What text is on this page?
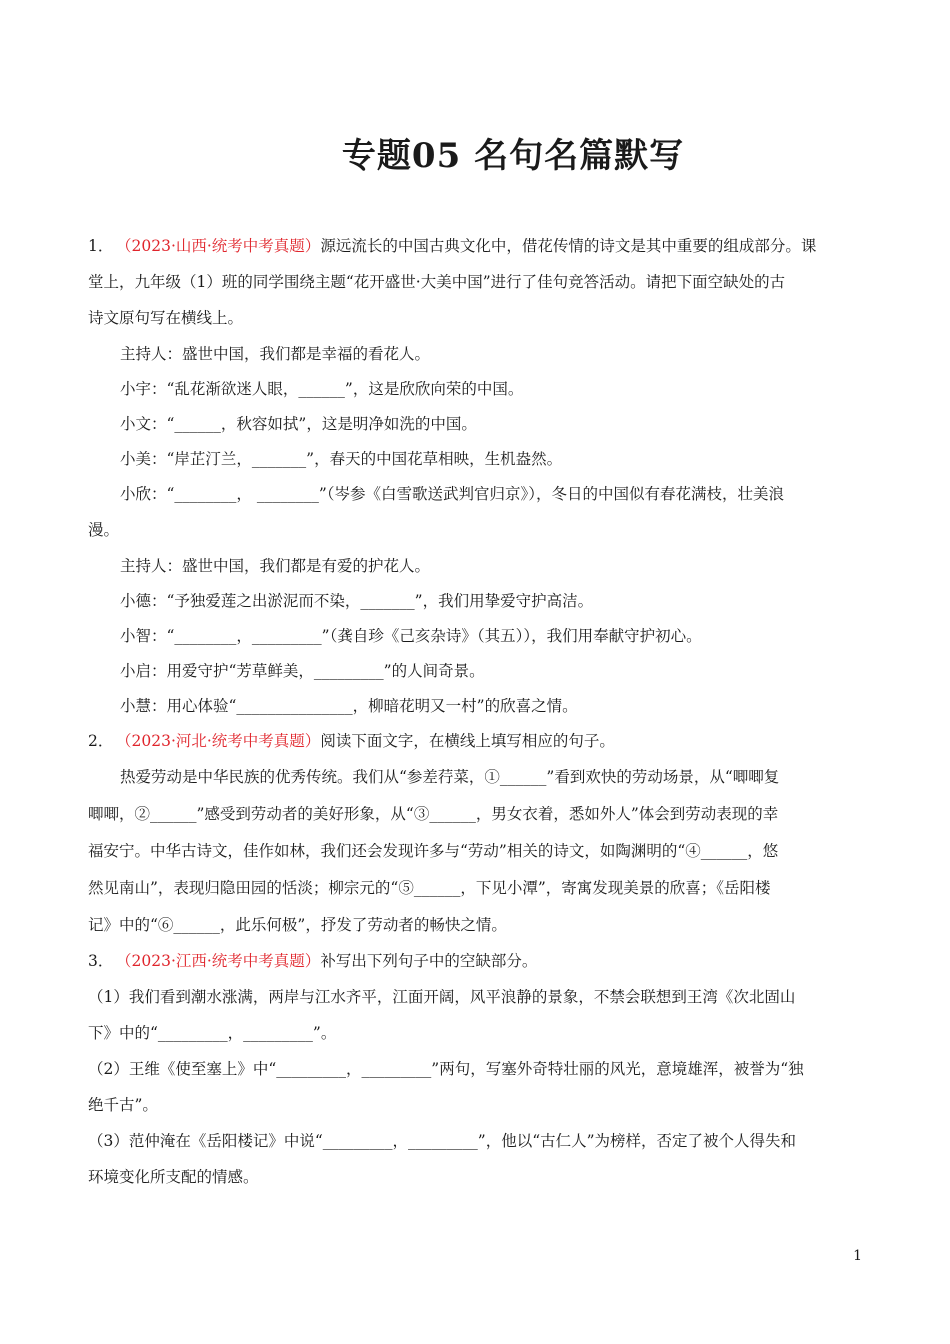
专题05 名句名篇默写
1． （2023·山西·统考中考真题）源远流长的中国古典文化中，借花传情的诗文是其中重要的组成部分。课
堂上，九年级（1）班的同学围绕主题“花开盛世·大美中国”进行了佳句竞答活动。请把下面空缺处的古
诗文原句写在横线上。
主持人：盛世中国，我们都是幸福的看花人。
小宇：“乱花渐欲迷人眼，______”，这是欣欣向荣的中国。
小文：“______，秋容如拭”，这是明净如洗的中国。
小美：“岸芷汀兰，_______”，春天的中国花草相映，生机盎然。
小欣：“________， ________”（岑参《白雪歌送武判官归京》），冬日的中国似有春花满枝，壮美浪
漫。
主持人：盛世中国，我们都是有爱的护花人。
小德：“予独爱莲之出淤泥而不染，_______”，我们用挚爱守护高洁。
小智：“________，_________”（龚自珍《己亥杂诗》（其五）），我们用奉献守护初心。
小启：用爱守护“芳草鲜美，_________”的人间奇景。
小慧：用心体验“_______________，柳暗花明又一村”的欣喜之情。
2． （2023·河北·统考中考真题）阅读下面文字，在横线上填写相应的句子。
热爱劳动是中华民族的优秀传统。我们从“参差荇菜，①______”看到欢快的劳动场景，从“唧唧复
唧唧，②______”感受到劳动者的美好形象，从“③______，男女衣着，悉如外人”体会到劳动表现的幸
福安宁。中华古诗文，佳作如林，我们还会发现许多与“劳动”相关的诗文，如陶渊明的“④______，悠
然见南山”，表现归隐田园的恬淡；柳宗元的“⑤______，下见小潭”，寄寓发现美景的欣喜；《岳阳楼
记》中的“⑥______，此乐何极”，抒发了劳动者的畅快之情。
3． （2023·江西·统考中考真题）补写出下列句子中的空缺部分。
（1）我们看到潮水涨满，两岸与江水齐平，江面开阔，风平浪静的景象，不禁会联想到王湾《次北固山
下》中的“_________，_________”。
（2）王维《使至塞上》中“_________，_________”两句，写塞外奇特壮丽的风光，意境雄浑，被誉为“独
绝千古”。
（3）范仲淹在《岳阳楼记》中说“_________，_________”，他以“古仁人”为榜样，否定了被个人得失和
环境变化所支配的情感。
1
